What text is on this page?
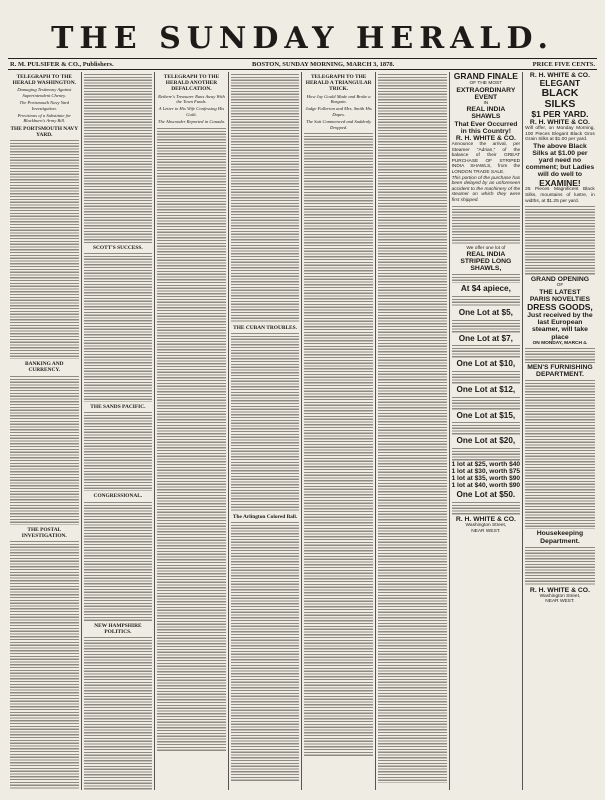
THE SUNDAY HERALD.
R. M. PULSIFER & CO., Publishers.	BOSTON, SUNDAY MORNING, MARCH 3, 1878.	PRICE FIVE CENTS.
TELEGRAPH TO THE HERALD WASHINGTON.
Damaging Testimony Against Superintendent Cheney.
The Portsmouth Navy Yard Investigation.
Provisions of a Substitute for Blackburn's Army Bill.
THE PORTSMOUTH NAVY YARD.
BANKING AND CURRENCY.
THE POSTAL INVESTIGATION.
SCOTT'S SUCCESS.
THE SANDS PACIFIC.
CONGRESSIONAL.
NEW HAMPSHIRE POLITICS.
TELEGRAPH TO THE HERALD ANOTHER DEFALCATION.
Rethere's Treasurer Runs Away With the Town Funds.
A Letter to His Wife Confessing His Guilt.
The Absconder Reported in Canada.
THE CUBAN TROUBLES.
The Arlington Colored Ball.
TELEGRAPH TO THE HERALD A TRIANGULAR TRICK.
How Jay Gould Made and Broke a Bargain.
Judge Fullerton and Mrs. Smith His Dupes.
The Suit Commenced and Suddenly Dropped.
GRAND FINALE
OF THE MOST
EXTRAORDINARY EVENT
IN
REAL INDIA SHAWLS
That Ever Occurred in this Country!
R. H. WHITE & CO.
Announce the arrival, per Steamer "Adrian," of the balance of their GREAT PURCHASE OF STRIPED INDIA SHAWLS, from the LONDON TRADE SALE.
This portion of the purchase has been delayed by an unforeseen accident to the machinery of the steamer on which they were first shipped.
We offer one lot of
REAL INDIA STRIPED LONG SHAWLS,
At $4 apiece,
One Lot at $5,
One Lot at $7,
One Lot at $10,
One Lot at $12,
One Lot at $15,
One Lot at $20,
1 lot at $25, worth $40
1 lot at $30, worth $75
1 lot at $35, worth $90
1 lot at $40, worth $90
One Lot at $50.
R. H. WHITE & CO.
Washington Street,
NEAR WEST.
R. H. WHITE & CO.
ELEGANT
BLACK
SILKS
$1 PER YARD.
R. H. WHITE & CO.
Will offer, on Monday Morning, 100 Pieces Elegant Black Gros Grain Silks at $1.00 per yard.
The above Black Silks at $1.00 per yard need no comment; but Ladies will do well to
EXAMINE!
25 Pieces Magnificent Black Silks, mountains of lustre, in widths, at $1.25 per yard.
GRAND OPENING
OF
THE LATEST
PARIS NOVELTIES
DRESS GOODS,
Just received by the last European steamer, will take place
ON MONDAY, MARCH 4.
MEN'S FURNISHING DEPARTMENT.
Housekeeping Department.
R. H. WHITE & CO.
Washington Street,
NEAR WEST.
